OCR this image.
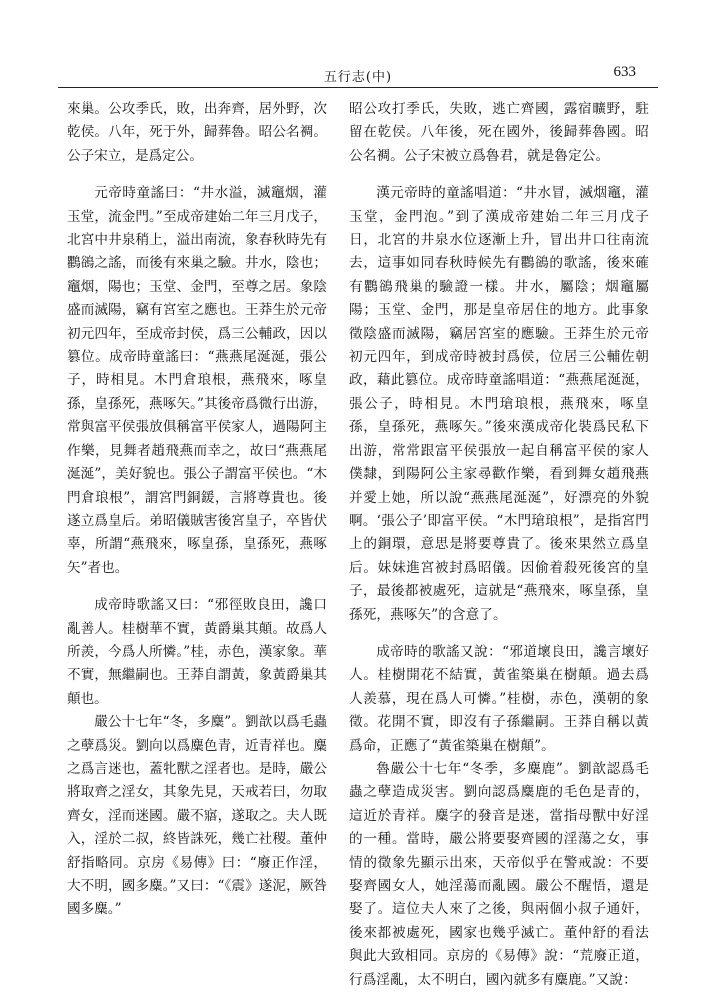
五行志(中)	633

來巢。公攻季氏，敗，出奔齊，居外野，次乾侯。八年，死于外，歸葬魯。昭公名裯。公子宋立，是爲定公。

元帝時童謠曰：“井水溢，滅竈烟，灌玉堂，流金門。”至成帝建始二年三月戊子，北宮中井泉稍上，溢出南流，象春秋時先有鸜鵒之謠，而後有來巢之驗。井水，陰也；竈烟，陽也；玉堂、金門，至尊之居。象陰盛而滅陽，竊有宮室之應也。王莽生於元帝初元四年，至成帝封侯，爲三公輔政，因以篡位。成帝時童謠曰：“燕燕尾涎涎，張公子，時相見。木門倉琅根，燕飛來，啄皇孫，皇孫死，燕啄矢。”其後帝爲微行出游，常與富平侯張放俱稱富平侯家人，過陽阿主作樂，見舞者趙飛燕而幸之，故曰“燕燕尾涎涎”，美好貌也。張公子謂富平侯也。“木門倉琅根”，謂宮門銅鍰，言將尊貴也。後遂立爲皇后。弟昭儀賊害後宮皇子，卒皆伏辜，所謂“燕飛來，啄皇孫，皇孫死，燕啄矢”者也。

成帝時歌謠又曰：“邪徑敗良田，讒口亂善人。桂樹華不實，黃爵巢其顛。故爲人所羨，今爲人所憐。”桂，赤色，漢家象。華不實，無繼嗣也。王莽自謂黃，象黃爵巢其顛也。

嚴公十七年“冬，多麋”。劉歆以爲毛蟲之孽爲災。劉向以爲麋色青，近青祥也。麋之爲言迷也，蓋牝獸之淫者也。是時，嚴公將取齊之淫女，其象先見，天戒若曰，勿取齊女，淫而迷國。嚴不寤，遂取之。夫人既入，淫於二叔，終皆誅死，幾亡社稷。董仲舒指略同。京房《易傳》曰：“廢正作淫，大不明，國多麋。”又曰：“《震》遂泥，厥咎國多麋。”

昭公攻打季氏，失敗，逃亡齊國，露宿曠野，駐留在乾侯。八年後，死在國外，後歸葬魯國。昭公名裯。公子宋被立爲魯君，就是魯定公。

漢元帝時的童謠唱道：“井水冒，滅烟竈，灌玉堂，金門泡。”到了漢成帝建始二年三月戊子日，北宮的井泉水位逐漸上升，冒出井口往南流去，這事如同春秋時候先有鸜鵒的歌謠，後來確有鸜鵒飛巢的驗證一樣。井水，屬陰；烟竈屬陽；玉堂、金門，那是皇帝居住的地方。此事象徵陰盛而滅陽，竊居宮室的應驗。王莽生於元帝初元四年，到成帝時被封爲侯，位居三公輔佐朝政，藉此篡位。成帝時童謠唱道：“燕燕尾涎涎，張公子，時相見。木門瑲琅根，燕飛來，啄皇孫，皇孫死，燕啄矢。”後來漢成帝化裝爲民私下出游，常常跟富平侯張放一起自稱富平侯的家人僕隸，到陽阿公主家尋歡作樂，看到舞女趙飛燕并愛上她，所以說“燕燕尾涎涎”，好漂亮的外貌啊。‘張公子’即富平侯。“木門瑲琅根”，是指宮門上的銅環，意思是將要尊貴了。後來果然立爲皇后。妹妹進宮被封爲昭儀。因偷着殺死後宮的皇子，最後都被處死，這就是“燕飛來，啄皇孫，皇孫死，燕啄矢”的含意了。

成帝時的歌謠又說：“邪道壞良田，讒言壞好人。桂樹開花不結實，黃雀築巢在樹顛。過去爲人羨慕，現在爲人可憐。”桂樹，赤色，漢朝的象徵。花開不實，即沒有子孫繼嗣。王莽自稱以黃爲命，正應了“黃雀築巢在樹顛”。

魯嚴公十七年“冬季，多麋鹿”。劉歆認爲毛蟲之孽造成災害。劉向認爲麋鹿的毛色是青的，這近於青祥。麋字的發音是迷，當指母獸中好淫的一種。當時，嚴公將要娶齊國的淫蕩之女，事情的徵象先顯示出來，天帝似乎在警戒說：不要娶齊國女人，她淫蕩而亂國。嚴公不醒悟，還是娶了。這位夫人來了之後，與兩個小叔子通奸，後來都被處死，國家也幾乎滅亡。董仲舒的看法與此大致相同。京房的《易傳》說：“荒廢正道，行爲淫亂，太不明白，國內就多有麋鹿。”又說：
